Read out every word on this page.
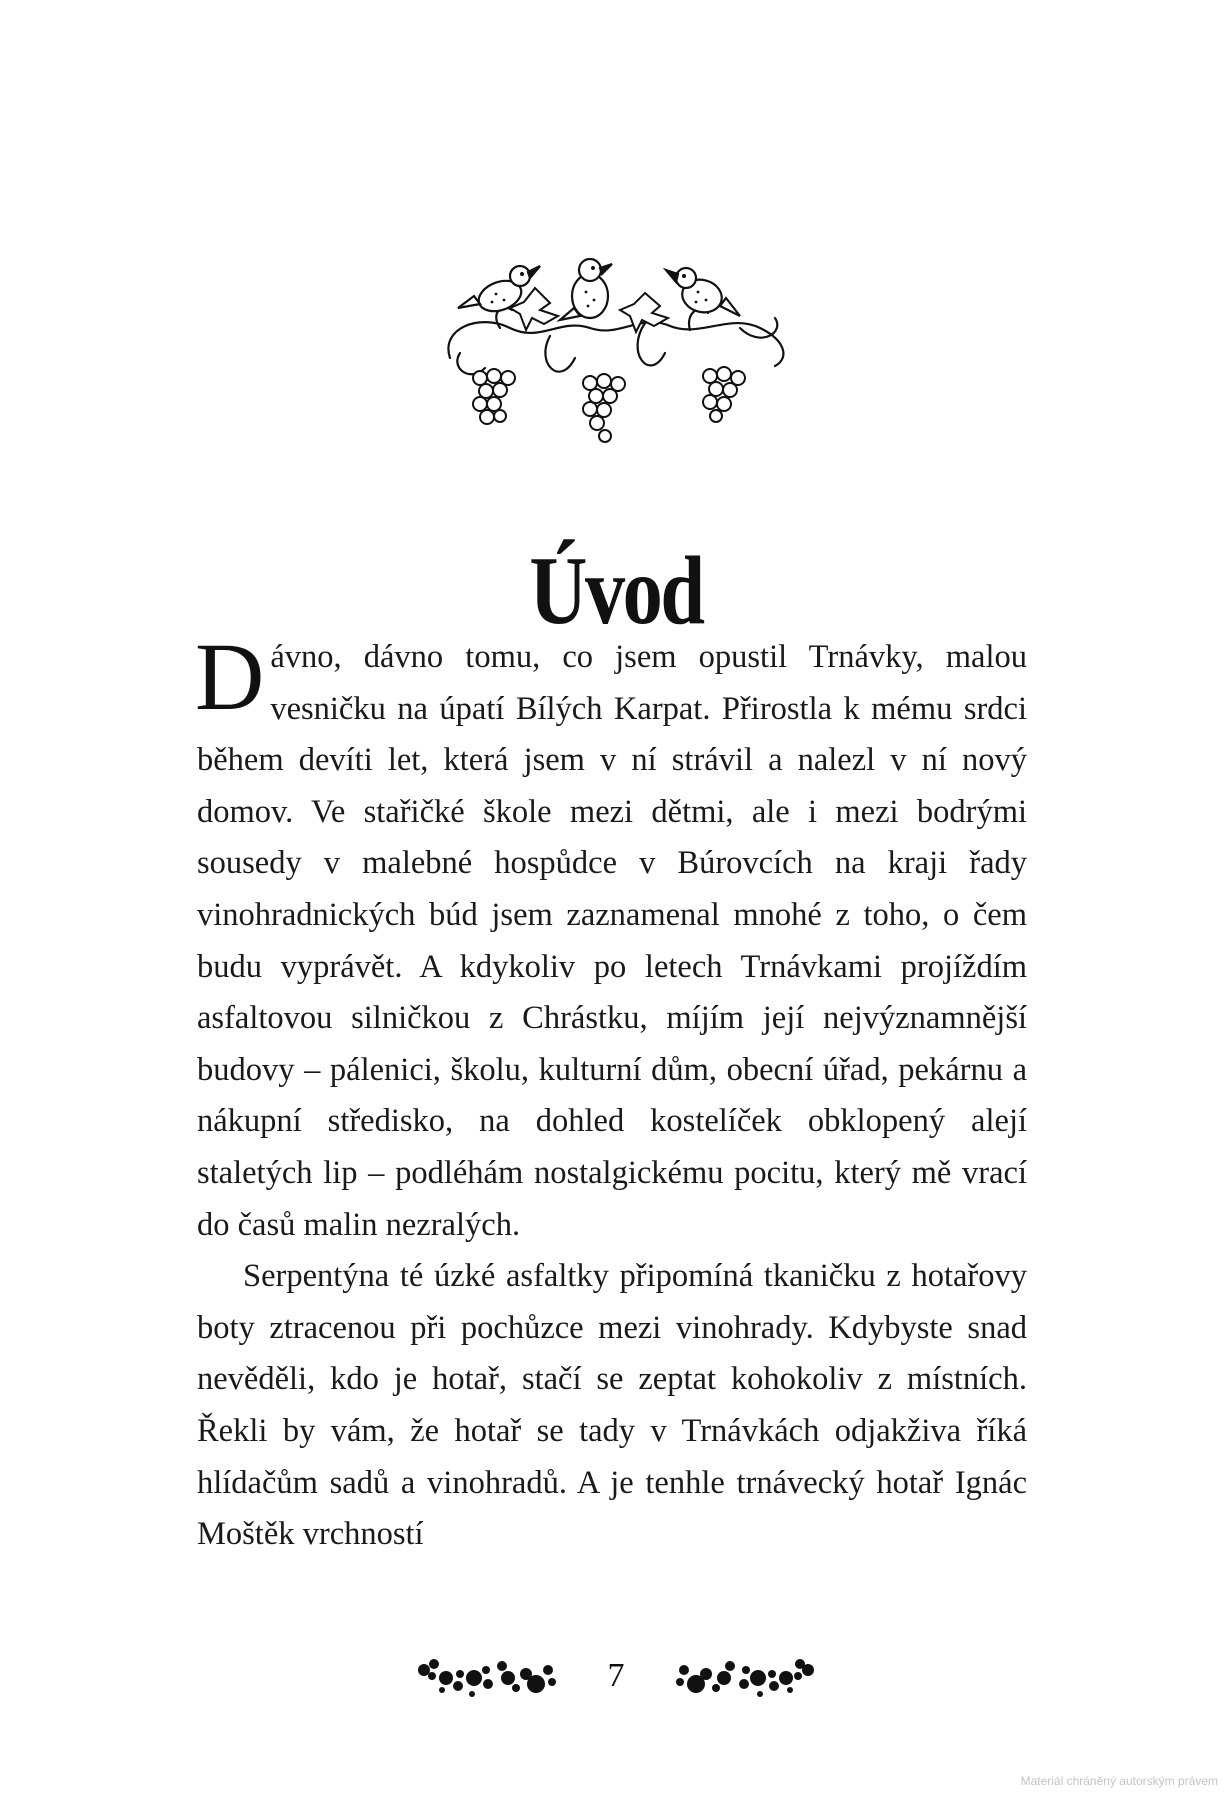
Úvod

Dávno, dávno tomu, co jsem opustil Trnávky, malou vesničku na úpatí Bílých Karpat. Přirostla k mému srdci během devíti let, která jsem v ní strávil a nalezl v ní nový domov. Ve stařičké škole mezi dětmi, ale i mezi bodrými sousedy v malebné hospůdce v Búrovcích na kraji řady vinohradnických búd jsem zaznamenal mnohé z toho, o čem budu vyprávět. A kdykoliv po letech Trnávkami projíždím asfaltovou silničkou z Chrástku, míjím její nejvýznamnější budovy – pálenici, školu, kulturní dům, obecní úřad, pekárnu a nákupní středisko, na dohled kostelíček obklopený alejí staletých lip – podléhám nostalgickému pocitu, který mě vrací do časů malin nezralých.

Serpentýna té úzké asfaltky připomíná tkaničku z hotařovy boty ztracenou při pochůzce mezi vinohrady. Kdybyste snad nevěděli, kdo je hotař, stačí se zeptat kohokoliv z místních. Řekli by vám, že hotař se tady v Trnávkách odjakživa říká hlídačům sadů a vinohradů. A je tenhle trnávecký hotař Ignác Moštěk vrchností

7
Materiál chráněný autorským právem
